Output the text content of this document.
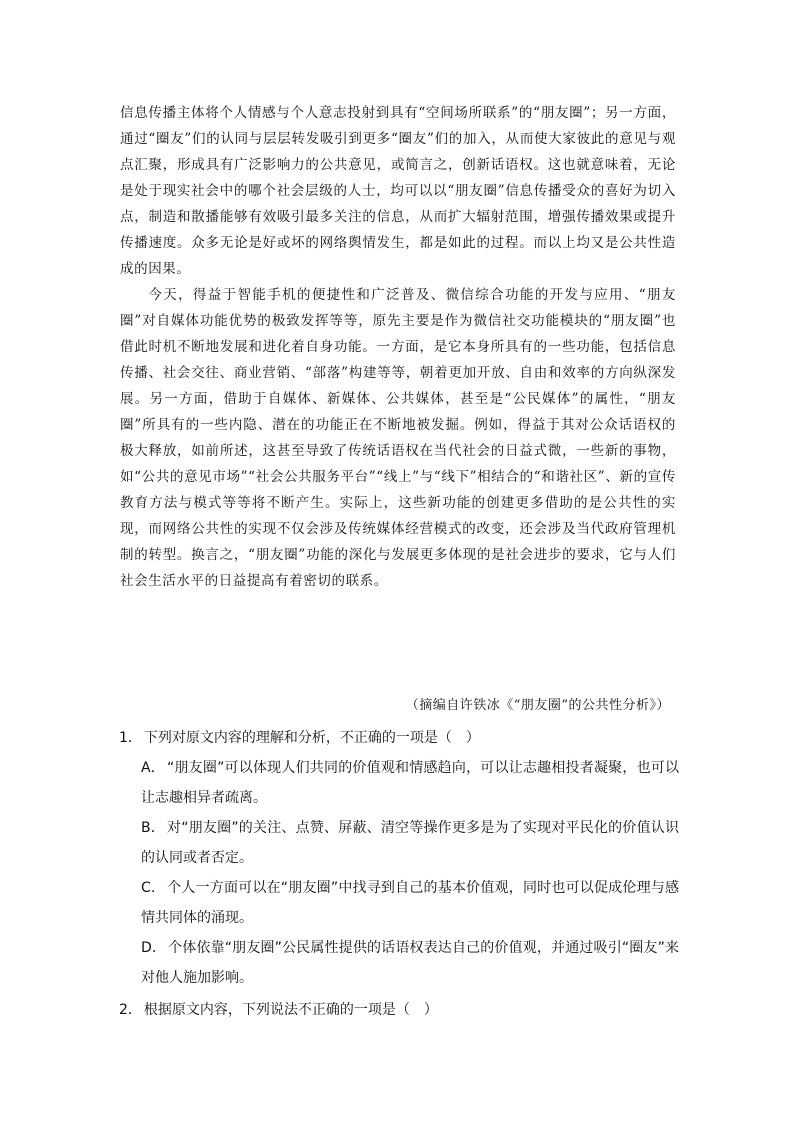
信息传播主体将个人情感与个人意志投射到具有“空间场所联系”的“朋友圈”；另一方面，通过“圈友”们的认同与层层转发吸引到更多“圈友”们的加入，从而使大家彼此的意见与观点汇聚，形成具有广泛影响力的公共意见，或简言之，创新话语权。这也就意味着，无论是处于现实社会中的哪个社会层级的人士，均可以以“朋友圈”信息传播受众的喜好为切入点，制造和散播能够有效吸引最多关注的信息，从而扩大辐射范围，增强传播效果或提升传播速度。众多无论是好或坏的网络舆情发生，都是如此的过程。而以上均又是公共性造成的因果。

今天，得益于智能手机的便捷性和广泛普及、微信综合功能的开发与应用、“朋友圈”对自媒体功能优势的极致发挥等等，原先主要是作为微信社交功能模块的“朋友圈”也借此时机不断地发展和进化着自身功能。一方面，是它本身所具有的一些功能，包括信息传播、社会交往、商业营销、“部落”构建等等，朝着更加开放、自由和效率的方向纵深发展。另一方面，借助于自媒体、新媒体、公共媒体，甚至是“公民媒体”的属性，“朋友圈”所具有的一些内隐、潜在的功能正在不断地被发掘。例如，得益于其对公众话语权的极大释放，如前所述，这甚至导致了传统话语权在当代社会的日益式微，一些新的事物，如“公共的意见市场”“社会公共服务平台”“线上”与“线下”相结合的“和谐社区”、新的宣传教育方法与模式等等将不断产生。实际上，这些新功能的创建更多借助的是公共性的实现，而网络公共性的实现不仅会涉及传统媒体经营模式的改变，还会涉及当代政府管理机制的转型。换言之，“朋友圈”功能的深化与发展更多体现的是社会进步的要求，它与人们社会生活水平的日益提高有着密切的联系。

（摘编自许铁冰《“朋友圈”的公共性分析》）

1． 下列对原文内容的理解和分析，不正确的一项是（　）

A． “朋友圈”可以体现人们共同的价值观和情感趋向，可以让志趣相投者凝聚，也可以让志趣相异者疏离。

B． 对“朋友圈”的关注、点赞、屏蔽、清空等操作更多是为了实现对平民化的价值认识的认同或者否定。

C． 个人一方面可以在“朋友圈”中找寻到自己的基本价值观，同时也可以促成伦理与感情共同体的涌现。

D． 个体依靠“朋友圈”公民属性提供的话语权表达自己的价值观，并通过吸引“圈友”来对他人施加影响。

2． 根据原文内容，下列说法不正确的一项是（　）
